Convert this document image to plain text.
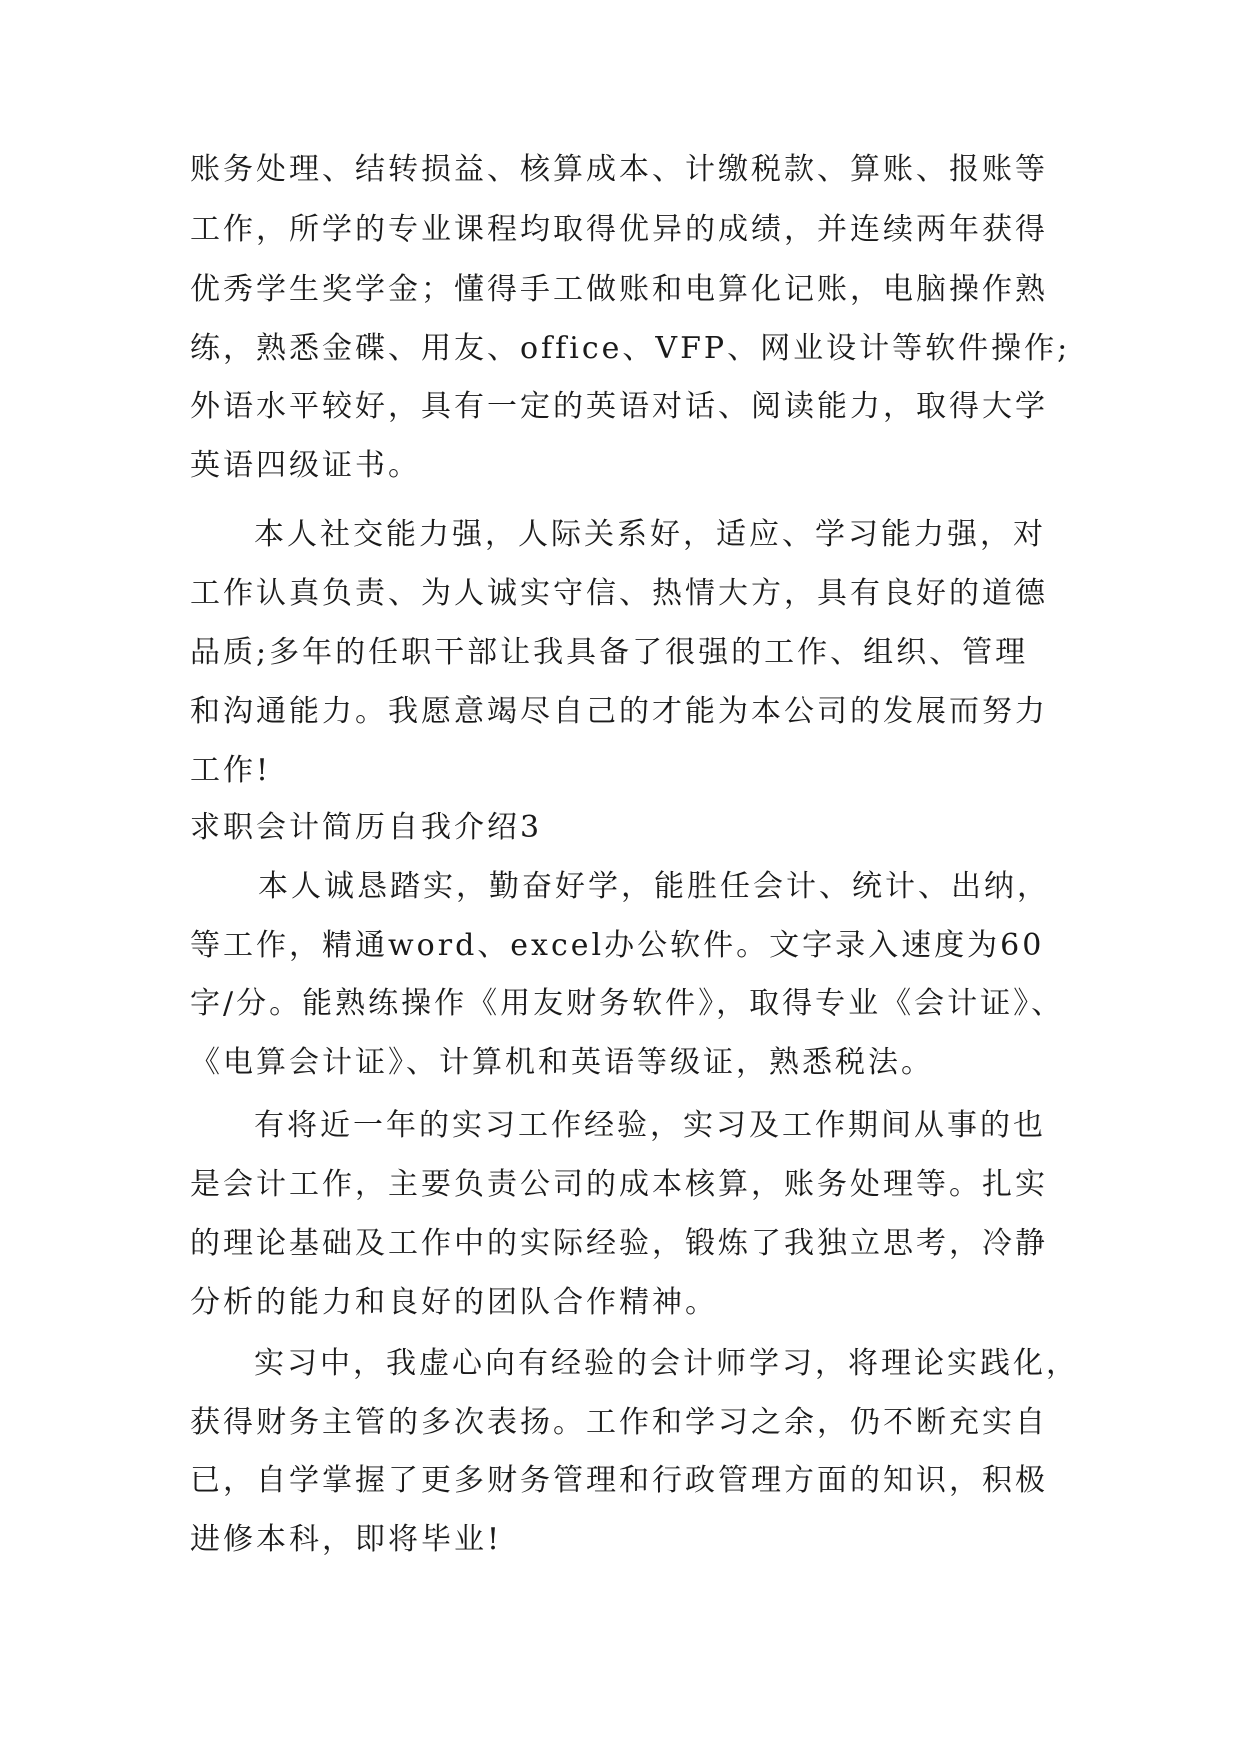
账务处理、结转损益、核算成本、计缴税款、算账、报账等
工作，所学的专业课程均取得优异的成绩，并连续两年获得
优秀学生奖学金；懂得手工做账和电算化记账，电脑操作熟
练，熟悉金碟、用友、office、VFP、网业设计等软件操作;
外语水平较好，具有一定的英语对话、阅读能力，取得大学
英语四级证书。
本人社交能力强，人际关系好，适应、学习能力强，对
工作认真负责、为人诚实守信、热情大方，具有良好的道德
品质;多年的任职干部让我具备了很强的工作、组织、管理
和沟通能力。我愿意竭尽自己的才能为本公司的发展而努力
工作!
求职会计简历自我介绍3
本人诚恳踏实，勤奋好学，能胜任会计、统计、出纳，
等工作，精通word、excel办公软件。文字录入速度为60
字/分。能熟练操作《用友财务软件》，取得专业《会计证》、
《电算会计证》、计算机和英语等级证，熟悉税法。
有将近一年的实习工作经验，实习及工作期间从事的也
是会计工作，主要负责公司的成本核算，账务处理等。扎实
的理论基础及工作中的实际经验，锻炼了我独立思考，冷静
分析的能力和良好的团队合作精神。
实习中，我虚心向有经验的会计师学习，将理论实践化，
获得财务主管的多次表扬。工作和学习之余，仍不断充实自
已，自学掌握了更多财务管理和行政管理方面的知识，积极
进修本科，即将毕业!
